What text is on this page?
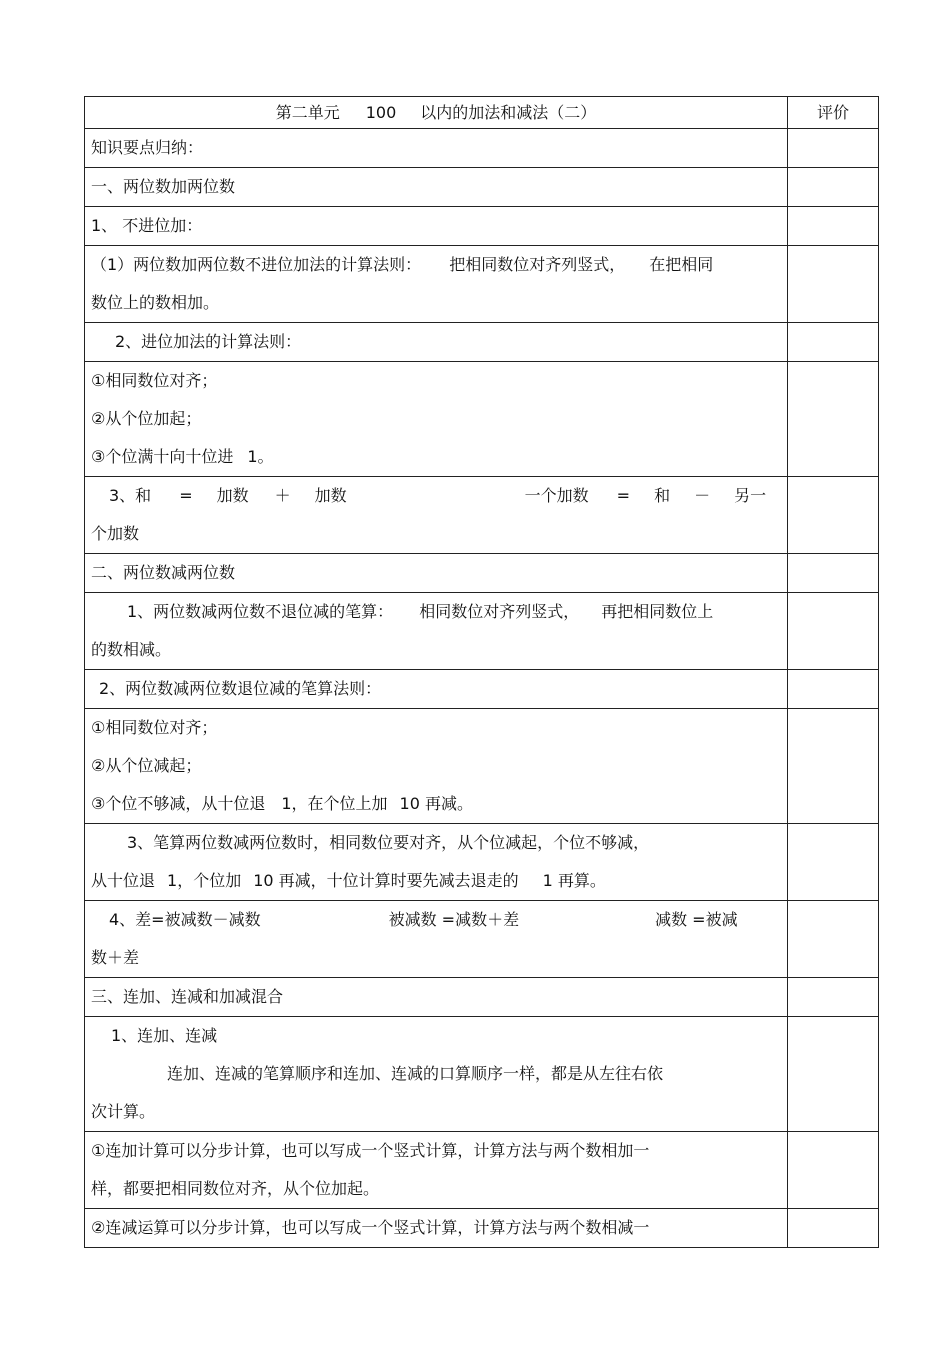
第二单元 100 以内的加法和减法（二）	评价
知识要点归纳：	
一、两位数加两位数	
1、 不进位加：	

（1）两位数加两位数不进位加法的计算法则： 把相同数位对齐列竖式， 在把相同
数位上的数相加。	

2、进位加法的计算法则：	

①相同数位对齐；
②从个位加起；
③个位满十向十位进 1。	

3、和 = 加数 ＋ 加数 一个加数 = 和 － 另一
个加数	

二、两位数减两位数	

1、两位数减两位数不退位减的笔算： 相同数位对齐列竖式， 再把相同数位上
的数相减。	

2、两位数减两位数退位减的笔算法则：	

①相同数位对齐；
②从个位减起；
③个位不够减，从十位退 1，在个位上加 10 再减。	

3、笔算两位数减两位数时，相同数位要对齐，从个位减起，个位不够减，
从十位退 1，个位加 10 再减，十位计算时要先减去退走的 1 再算。	

4、差=被减数－减数 被减数 =减数＋差 减数 =被减
数＋差	

三、连加、连减和加减混合	

1、连加、连减
连加、连减的笔算顺序和连加、连减的口算顺序一样，都是从左往右依
次计算。	

①连加计算可以分步计算，也可以写成一个竖式计算，计算方法与两个数相加一
样，都要把相同数位对齐，从个位加起。	

②连减运算可以分步计算，也可以写成一个竖式计算，计算方法与两个数相减一	
